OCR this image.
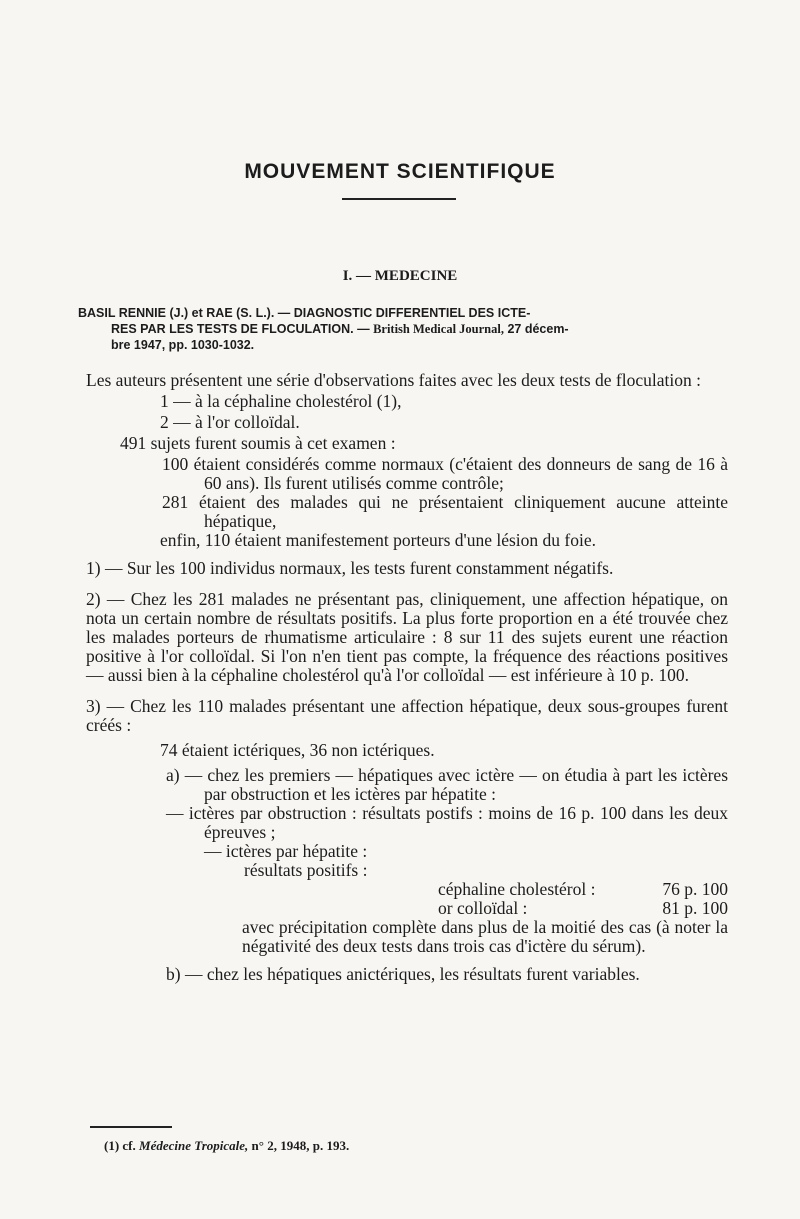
MOUVEMENT SCIENTIFIQUE
I. — MEDECINE
BASIL RENNIE (J.) et RAE (S. L.). — DIAGNOSTIC DIFFERENTIEL DES ICTE-
RES PAR LES TESTS DE FLOCULATION. — British Medical Journal, 27 décem-
bre 1947, pp. 1030-1032.

Les auteurs présentent une série d'observations faites avec les deux tests de floculation :

1 — à la céphaline cholestérol (1),

2 — à l'or colloïdal.

491 sujets furent soumis à cet examen :

100 étaient considérés comme normaux (c'étaient des donneurs de sang de 16 à 60 ans). Ils furent utilisés comme contrôle;

281 étaient des malades qui ne présentaient cliniquement aucune atteinte hépatique,

enfin, 110 étaient manifestement porteurs d'une lésion du foie.

1) — Sur les 100 individus normaux, les tests furent constamment négatifs.

2) — Chez les 281 malades ne présentant pas, cliniquement, une affection hépatique, on nota un certain nombre de résultats positifs. La plus forte proportion en a été trouvée chez les malades porteurs de rhumatisme articulaire : 8 sur 11 des sujets eurent une réaction positive à l'or colloïdal. Si l'on n'en tient pas compte, la fréquence des réactions positives — aussi bien à la céphaline cholestérol qu'à l'or colloïdal — est inférieure à 10 p. 100.

3) — Chez les 110 malades présentant une affection hépatique, deux sous-groupes furent créés :

74 étaient ictériques, 36 non ictériques.

a) — chez les premiers — hépatiques avec ictère — on étudia à part les ictères par obstruction et les ictères par hépatite :

— ictères par obstruction : résultats postifs : moins de 16 p. 100 dans les deux épreuves ;

— ictères par hépatite :

résultats positifs :

céphaline cholestérol :	76 p. 100
or colloïdal :	81 p. 100

avec précipitation complète dans plus de la moitié des cas (à noter la négativité des deux tests dans trois cas d'ictère du sérum).

b) — chez les hépatiques anictériques, les résultats furent variables.

(1) cf. Médecine Tropicale, n° 2, 1948, p. 193.
